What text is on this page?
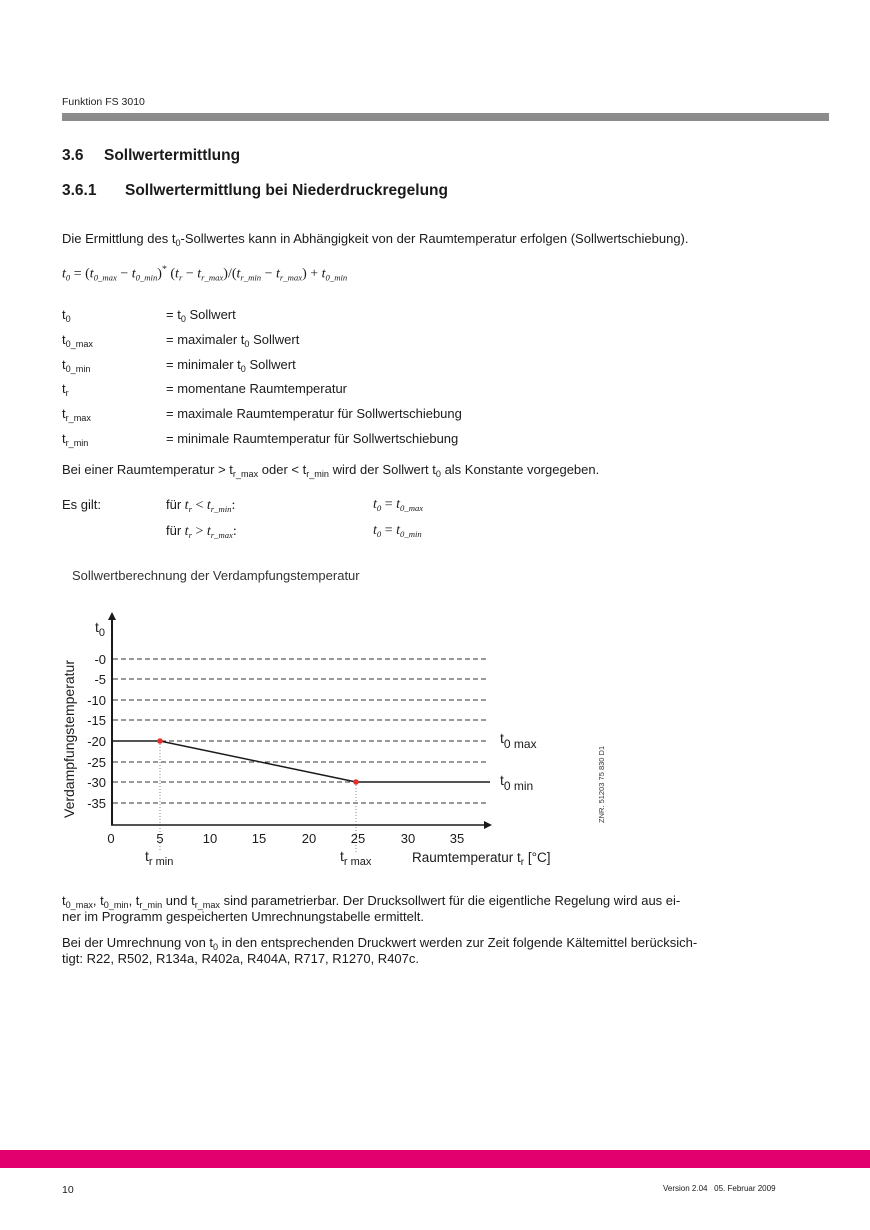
Funktion FS 3010
3.6 Sollwertermittlung
3.6.1 Sollwertermittlung bei Niederdruckregelung
Die Ermittlung des $t_0$-Sollwertes kann in Abhängigkeit von der Raumtemperatur erfolgen (Sollwertschiebung).
$t_0 = (t_{0\_max} - t_{0\_min})^*$ $(t_r - t_{r\_max})/(t_{r\_min} - t_{r\_max}) + t_{0\_min}$
$t_0$	= $t_0$ Sollwert
$t_{0\_max}$	= maximaler $t_0$ Sollwert
$t_{0\_min}$	= minimaler $t_0$ Sollwert
$t_r$	= momentane Raumtemperatur
$t_{r\_max}$	= maximale Raumtemperatur für Sollwertschiebung
$t_{r\_min}$	= minimale Raumtemperatur für Sollwertschiebung
Bei einer Raumtemperatur > $t_{r\_max}$ oder < $t_{r\_min}$ wird der Sollwert $t_0$ als Konstante vorgegeben.
Es gilt:	für $t_r < t_{r\_min}$:	$t_0 = t_{0\_max}$
für $t_r > t_{r\_max}$:	$t_0 = t_{0\_min}$
Sollwertberechnung der Verdampfungstemperatur
-0
-5
-10
-15
-20
-25
-30
-35
0	5	10	15	20	25	30	35
$t_0$
Verdampfungstemperatur	t0 max
t0 min
$t_{r min}$	$t_{r max}$	Raumtemperatur $t_r$ [°C]
ZNR. 51203 75 830 D1
$t_{0\_max}$, $t_{0\_min}$, $t_{r\_min}$ und $t_{r\_max}$ sind parametrierbar. Der Drucksollwert für die eigentliche Regelung wird aus ei-
ner im Programm gespeicherten Umrechnungstabelle ermittelt.
Bei der Umrechnung von $t_0$ in den entsprechenden Druckwert werden zur Zeit folgende Kältemittel berücksich-
tigt: R22, R502, R134a, R402a, R404A, R717, R1270, R407c.
10	Version 2.04   05. Februar 2009
